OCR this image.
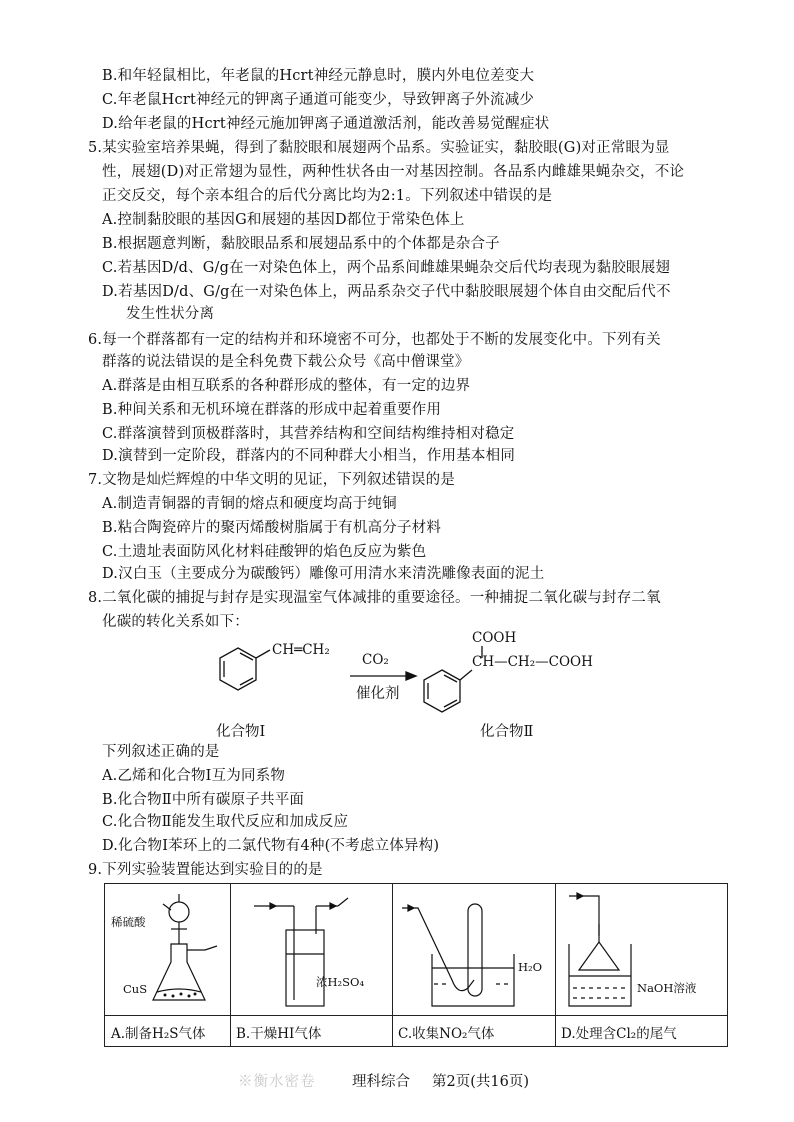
B.和年轻鼠相比，年老鼠的Hcrt神经元静息时，膜内外电位差变大
C.年老鼠Hcrt神经元的钾离子通道可能变少，导致钾离子外流减少
D.给年老鼠的Hcrt神经元施加钾离子通道激活剂，能改善易觉醒症状
5.某实验室培养果蝇，得到了黏胶眼和展翅两个品系。实验证实，黏胶眼(G)对正常眼为显
性，展翅(D)对正常翅为显性，两种性状各由一对基因控制。各品系内雌雄果蝇杂交，不论
正交反交，每个亲本组合的后代分离比均为2:1。下列叙述中错误的是
A.控制黏胶眼的基因G和展翅的基因D都位于常染色体上
B.根据题意判断，黏胶眼品系和展翅品系中的个体都是杂合子
C.若基因D/d、G/g在一对染色体上，两个品系间雌雄果蝇杂交后代均表现为黏胶眼展翅
D.若基因D/d、G/g在一对染色体上，两品系杂交子代中黏胶眼展翅个体自由交配后代不
发生性状分离
6.每一个群落都有一定的结构并和环境密不可分，也都处于不断的发展变化中。下列有关
群落的说法错误的是全科免费下载公众号《高中僧课堂》
A.群落是由相互联系的各种群形成的整体，有一定的边界
B.种间关系和无机环境在群落的形成中起着重要作用
C.群落演替到顶极群落时，其营养结构和空间结构维持相对稳定
D.演替到一定阶段，群落内的不同种群大小相当，作用基本相同
7.文物是灿烂辉煌的中华文明的见证，下列叙述错误的是
A.制造青铜器的青铜的熔点和硬度均高于纯铜
B.粘合陶瓷碎片的聚丙烯酸树脂属于有机高分子材料
C.土遗址表面防风化材料硅酸钾的焰色反应为紫色
D.汉白玉（主要成分为碳酸钙）雕像可用清水来清洗雕像表面的泥土
8.二氧化碳的捕捉与封存是实现温室气体减排的重要途径。一种捕捉二氧化碳与封存二氧
化碳的转化关系如下：
CH═CH₂
CO₂
催化剂
COOH
CH—CH₂—COOH
化合物Ⅰ	化合物Ⅱ
下列叙述正确的是
A.乙烯和化合物Ⅰ互为同系物
B.化合物Ⅱ中所有碳原子共平面
C.化合物Ⅱ能发生取代反应和加成反应
D.化合物Ⅰ苯环上的二氯代物有4种(不考虑立体异构)
9.下列实验装置能达到实验目的的是
稀硫酸
CuS
A.制备H₂S气体
浓H₂SO₄
B.干燥HI气体
H₂O
C.收集NO₂气体
NaOH溶液
D.处理含Cl₂的尾气
※衡水密卷	理科综合 第2页(共16页)
